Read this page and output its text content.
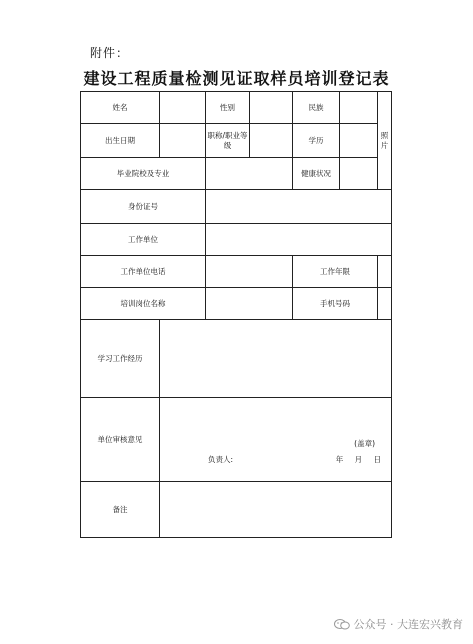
附件：
建设工程质量检测见证取样员培训登记表
姓名		性别		民族		照片
出生日期		职称/职业等级		学历		
毕业院校及专业				健康状况		
身份证号						
工作单位						
工作单位电话				工作年限		
培训岗位名称				手机号码		
学习工作经历						
单位审核意见	(盖章)
负责人: 年 月 日					

备注						
公众号 · 大连宏兴教育
